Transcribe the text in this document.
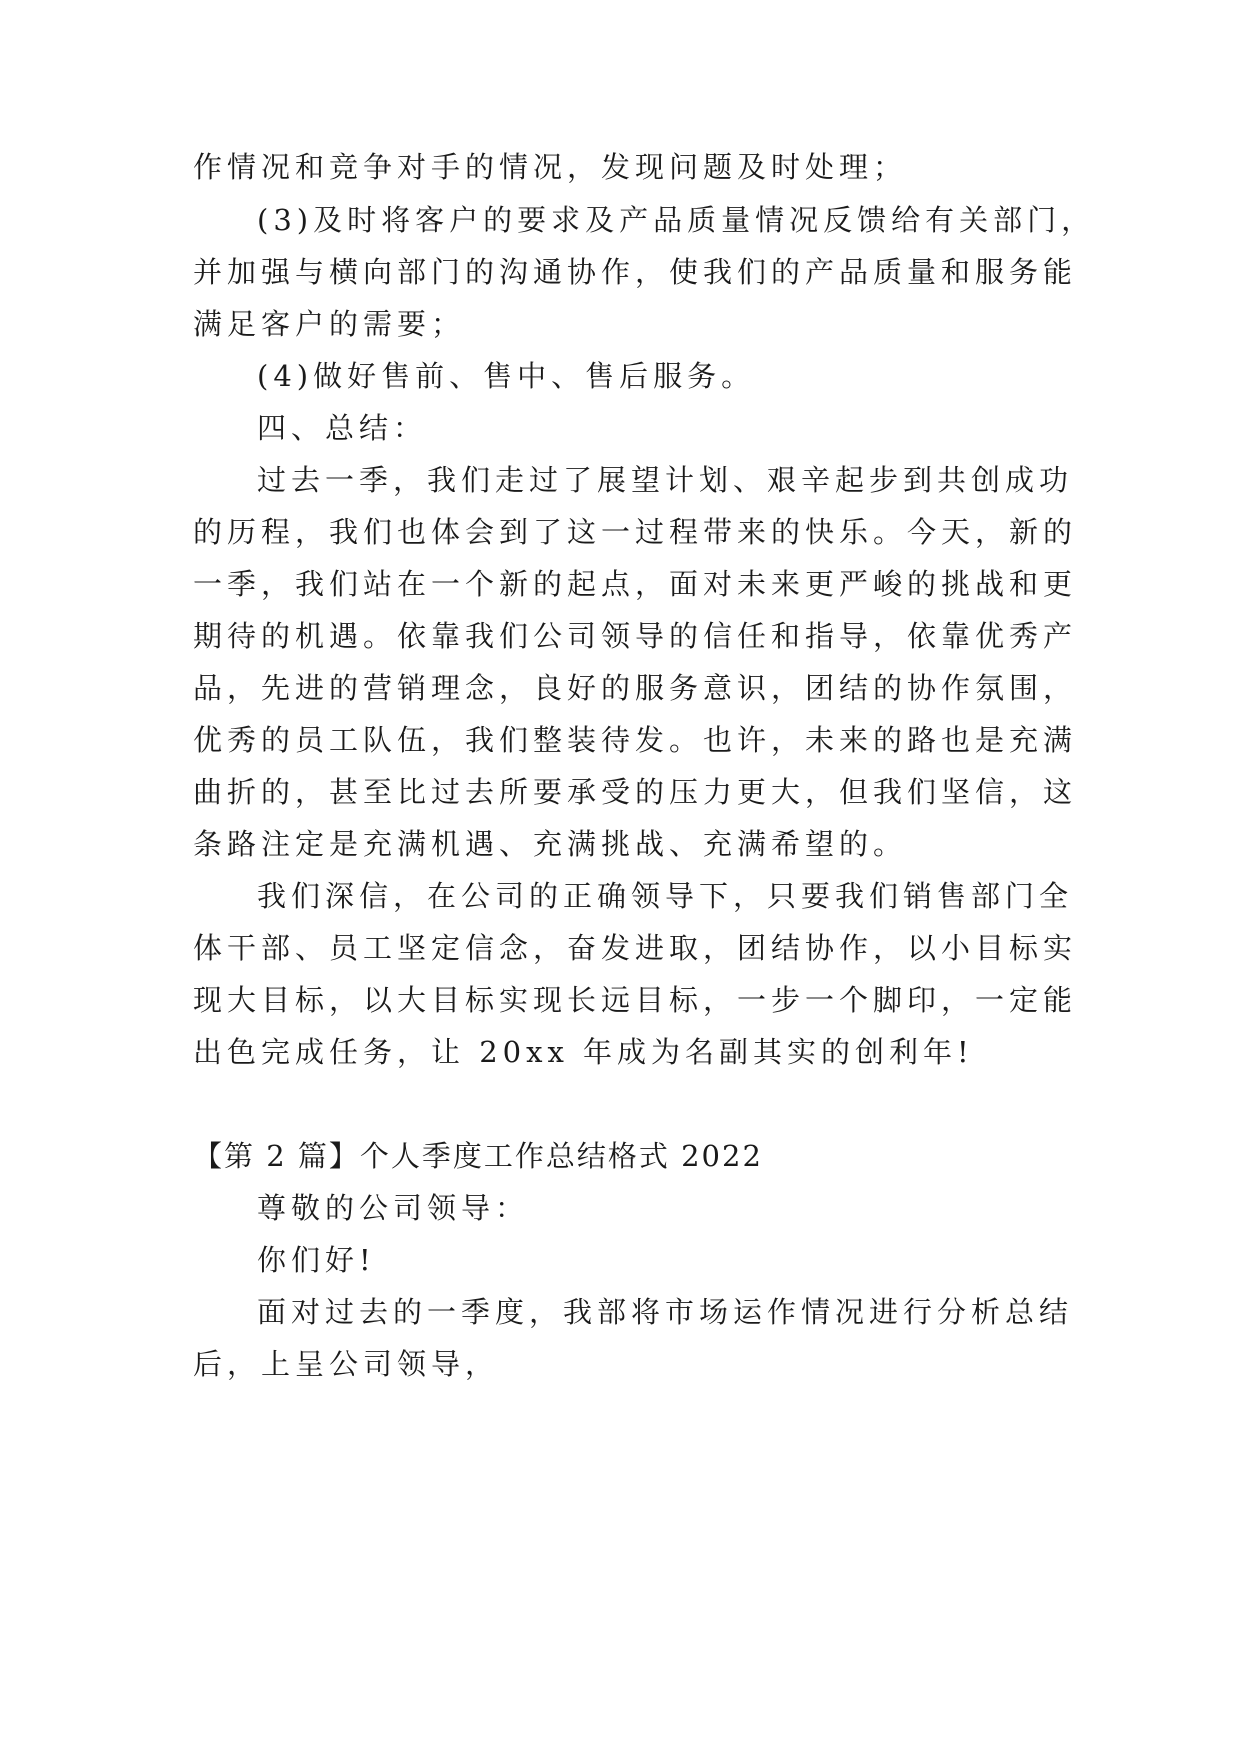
作情况和竞争对手的情况，发现问题及时处理；
(3)及时将客户的要求及产品质量情况反馈给有关部门，
并加强与横向部门的沟通协作，使我们的产品质量和服务能
满足客户的需要；
(4)做好售前、售中、售后服务。
四、总结：
过去一季，我们走过了展望计划、艰辛起步到共创成功
的历程，我们也体会到了这一过程带来的快乐。今天，新的
一季，我们站在一个新的起点，面对未来更严峻的挑战和更
期待的机遇。依靠我们公司领导的信任和指导，依靠优秀产
品，先进的营销理念，良好的服务意识，团结的协作氛围，
优秀的员工队伍，我们整装待发。也许，未来的路也是充满
曲折的，甚至比过去所要承受的压力更大，但我们坚信，这
条路注定是充满机遇、充满挑战、充满希望的。
我们深信，在公司的正确领导下，只要我们销售部门全
体干部、员工坚定信念，奋发进取，团结协作，以小目标实
现大目标，以大目标实现长远目标，一步一个脚印，一定能
出色完成任务，让 20xx 年成为名副其实的创利年!
【第 2 篇】个人季度工作总结格式 2022
尊敬的公司领导：
你们好!
面对过去的一季度，我部将市场运作情况进行分析总结
后，上呈公司领导，
